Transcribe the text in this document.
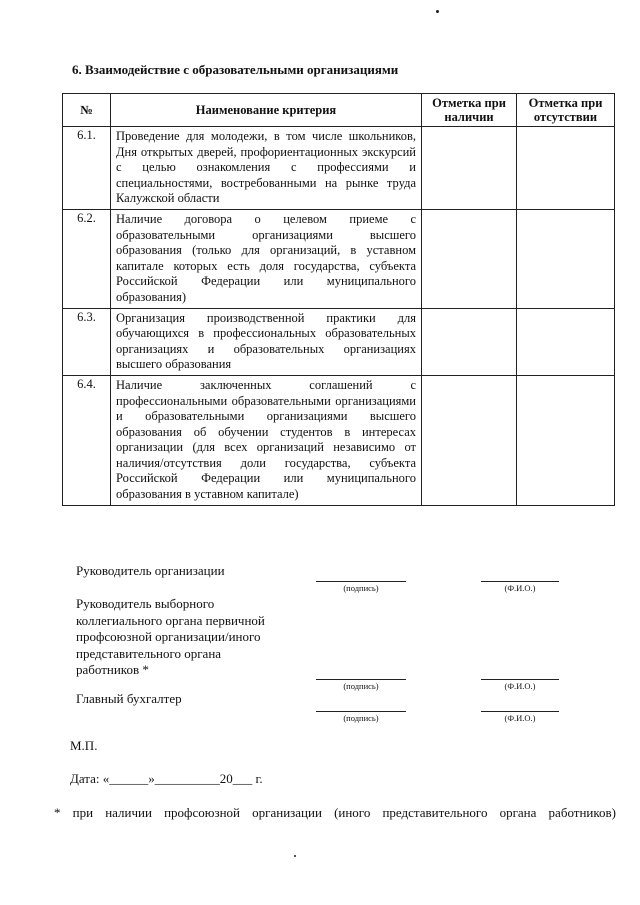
6. Взаимодействие с образовательными организациями
№	Наименование критерия	Отметка при наличии	Отметка при отсутствии
6.1.	Проведение для молодежи, в том числе школьников, Дня открытых дверей, профориентационных экскурсий с целью ознакомления с профессиями и специальностями, востребованными на рынке труда Калужской области		
6.2.	Наличие договора о целевом приеме с образовательными организациями высшего образования (только для организаций, в уставном капитале которых есть доля государства, субъекта Российской Федерации или муниципального образования)		
6.3.	Организация производственной практики для обучающихся в профессиональных образовательных организациях и образовательных организациях высшего образования		
6.4.	Наличие заключенных соглашений с профессиональными образовательными организациями и образовательными организациями высшего образования об обучении студентов в интересах организации (для всех организаций независимо от наличия/отсутствия доли государства, субъекта Российской Федерации или муниципального образования в уставном капитале)		
Руководитель организации
(подпись)	(Ф.И.О.)
Руководитель выборного коллегиального органа первичной профсоюзной организации/иного представительного органа работников *
(подпись)	(Ф.И.О.)
Главный бухгалтер
(подпись)	(Ф.И.О.)
М.П.
Дата: «______»__________20___ г.
* при наличии профсоюзной организации (иного представительного органа работников)
